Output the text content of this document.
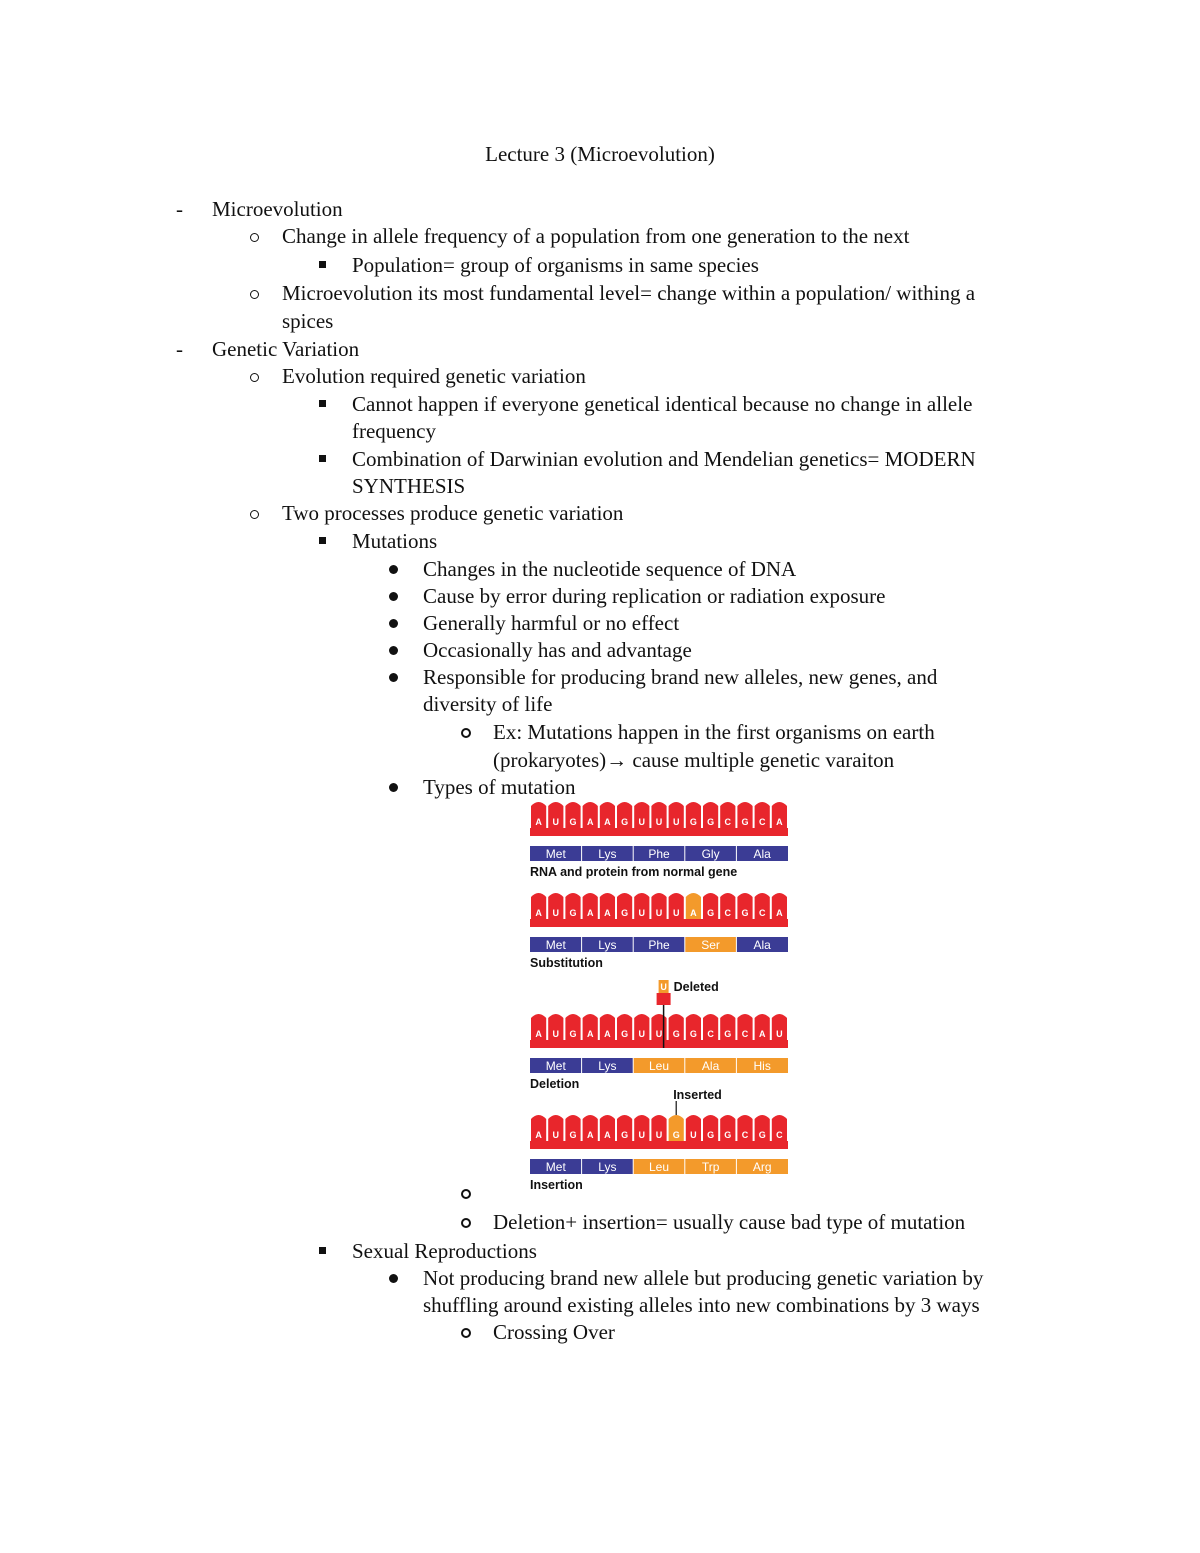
Lecture 3 (Microevolution)
- Microevolution
Change in allele frequency of a population from one generation to the next
Population= group of organisms in same species
Microevolution its most fundamental level= change within a population/ withing a
spices
- Genetic Variation
Evolution required genetic variation
Cannot happen if everyone genetical identical because no change in allele
frequency
Combination of Darwinian evolution and Mendelian genetics= MODERN
SYNTHESIS
Two processes produce genetic variation
Mutations
Changes in the nucleotide sequence of DNA
Cause by error during replication or radiation exposure
Generally harmful or no effect
Occasionally has and advantage
Responsible for producing brand new alleles, new genes, and
diversity of life
Ex: Mutations happen in the first organisms on earth
(prokaryotes)→ cause multiple genetic varaiton
Types of mutation
Deletion+ insertion= usually cause bad type of mutation
Sexual Reproductions
Not producing brand new allele but producing genetic variation by
shuffling around existing alleles into new combinations by 3 ways
Crossing Over
A U G A A G U U U G G C G C A
Met	Lys	Phe	Gly	Ala
RNA and protein from normal gene
A U G A A G U U U A G C G C A
Met	Lys	Phe	Ser	Ala
Substitution
A U G A A G U U G G C G C A U
Met	Lys	Leu	Ala	His
Deletion
U Deleted
A U G A A G U U G U G G C G C
Met	Lys	Leu	Trp	Arg
Insertion
Inserted
